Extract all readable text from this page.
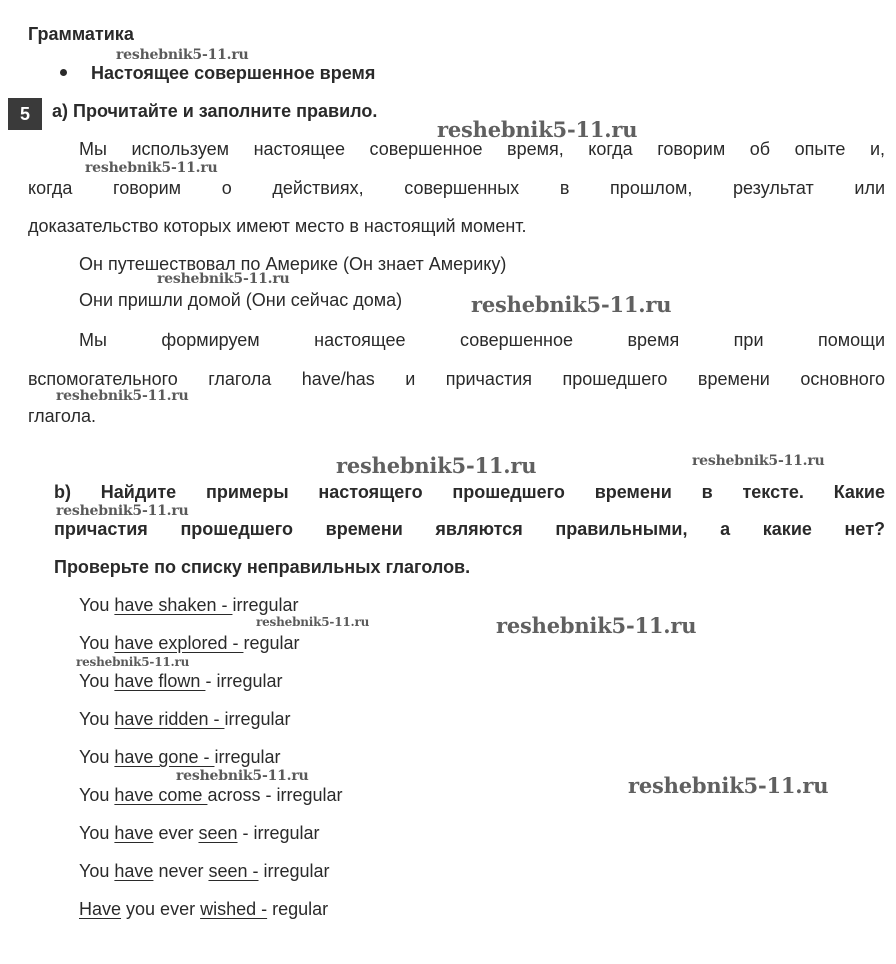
Грамматика
Настоящее совершенное время
5	a) Прочитайте и заполните правило.
Мы используем настоящее совершенное время, когда говорим об опыте и,
когда говорим о действиях, совершенных в прошлом, результат или
доказательство которых имеют место в настоящий момент.
Он путешествовал по Америке (Он знает Америку)
Они пришли домой (Они сейчас дома)
Мы формируем настоящее совершенное время при помощи
вспомогательного глагола have/has и причастия прошедшего времени основного
глагола.
b) Найдите примеры настоящего прошедшего времени в тексте. Какие
причастия прошедшего времени являются правильными, а какие нет?
Проверьте по списку неправильных глаголов.
You have shaken - irregular
You have explored - regular
You have flown - irregular
You have ridden - irregular
You have gone - irregular
You have come across - irregular
You have ever seen - irregular
You have never seen - irregular
Have you ever wished - regular
reshebnik5-11.ru
reshebnik5-11.ru
reshebnik5-11.ru
reshebnik5-11.ru
reshebnik5-11.ru
reshebnik5-11.ru
reshebnik5-11.ru	reshebnik5-11.ru
reshebnik5-11.ru
reshebnik5-11.ru	reshebnik5-11.ru
reshebnik5-11.ru
reshebnik5-11.ru	reshebnik5-11.ru
